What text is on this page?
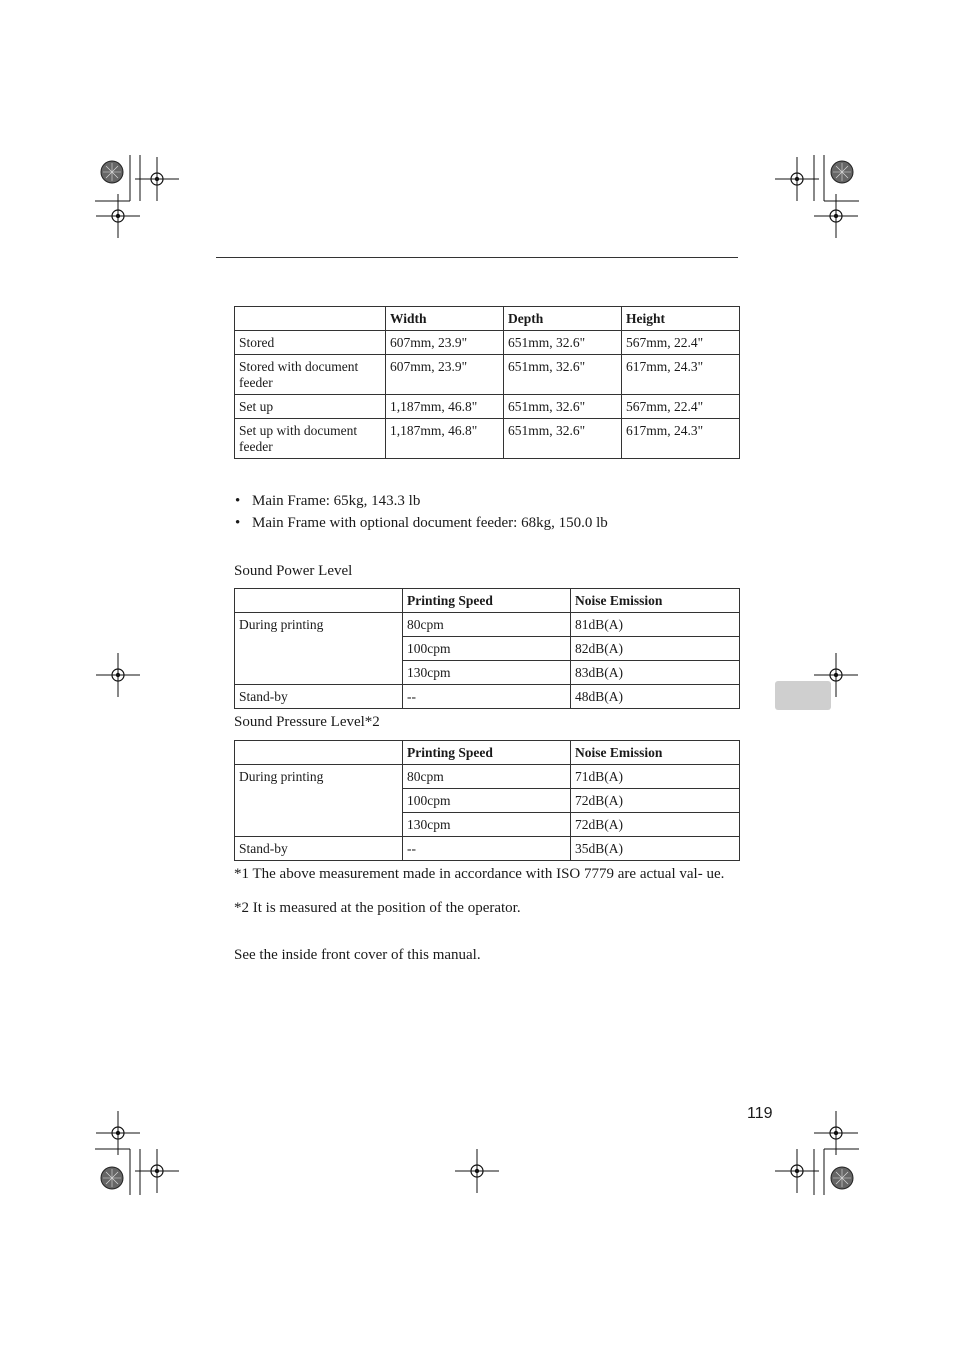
	Width	Depth	Height
Stored	607mm, 23.9"	651mm, 32.6"	567mm, 22.4"
Stored with document feeder	607mm, 23.9"	651mm, 32.6"	617mm, 24.3"
Set up	1,187mm, 46.8"	651mm, 32.6"	567mm, 22.4"
Set up with document feeder	1,187mm, 46.8"	651mm, 32.6"	617mm, 24.3"
• Main Frame: 65kg, 143.3 lb
• Main Frame with optional document feeder: 68kg, 150.0 lb
Sound Power Level
	Printing Speed	Noise Emission
During printing	80cpm	81dB(A)
	100cpm	82dB(A)
	130cpm	83dB(A)
Stand-by	--	48dB(A)
Sound Pressure Level*2
	Printing Speed	Noise Emission
During printing	80cpm	71dB(A)
	100cpm	72dB(A)
	130cpm	72dB(A)
Stand-by	--	35dB(A)
*1 The above measurement made in accordance with ISO 7779 are actual val- ue.
*2 It is measured at the position of the operator.
See the inside front cover of this manual.
119
